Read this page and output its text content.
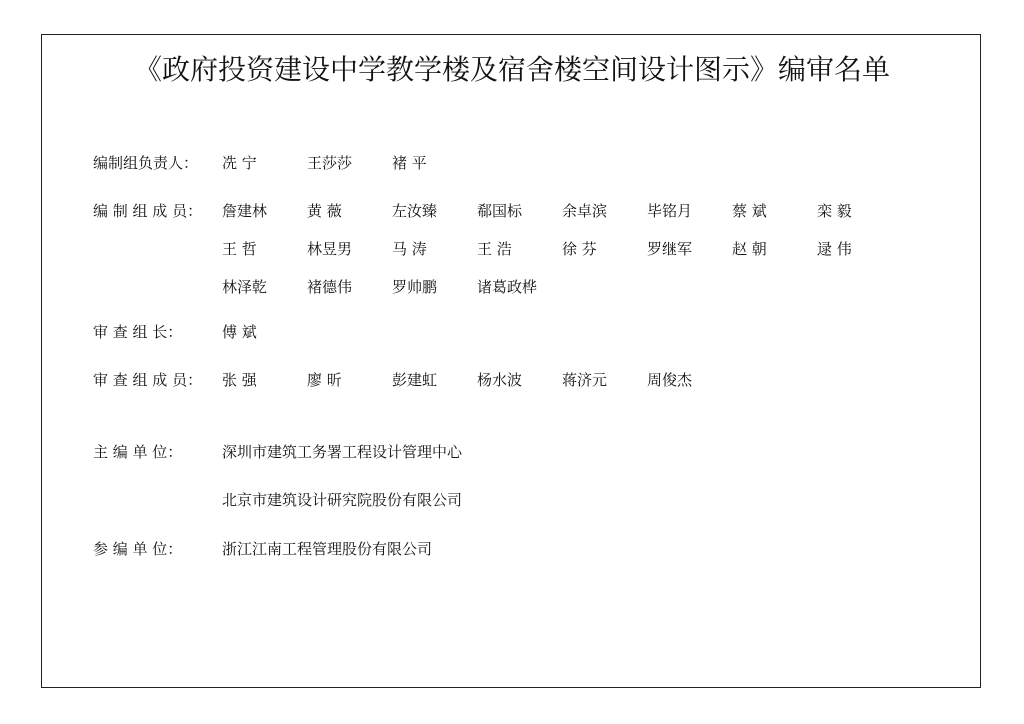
《政府投资建设中学教学楼及宿舍楼空间设计图示》编审名单
编制组负责人： 冼 宁	王莎莎	褚 平
编 制 组 成 员： 詹建林	黄 薇	左汝臻	郗国标	余卓滨	毕铭月	蔡 斌	栾 毅
王 哲	林昱男	马 涛	王 浩	徐 芬	罗继军	赵 朝	逯 伟
林泽乾	褚德伟	罗帅鹏	诸葛政桦
审 查 组 长：	傅 斌
审 查 组 成 员： 张 强	廖 昕	彭建虹	杨水波	蒋济元	周俊杰
主 编 单 位：	深圳市建筑工务署工程设计管理中心
北京市建筑设计研究院股份有限公司
参 编 单 位：	浙江江南工程管理股份有限公司
